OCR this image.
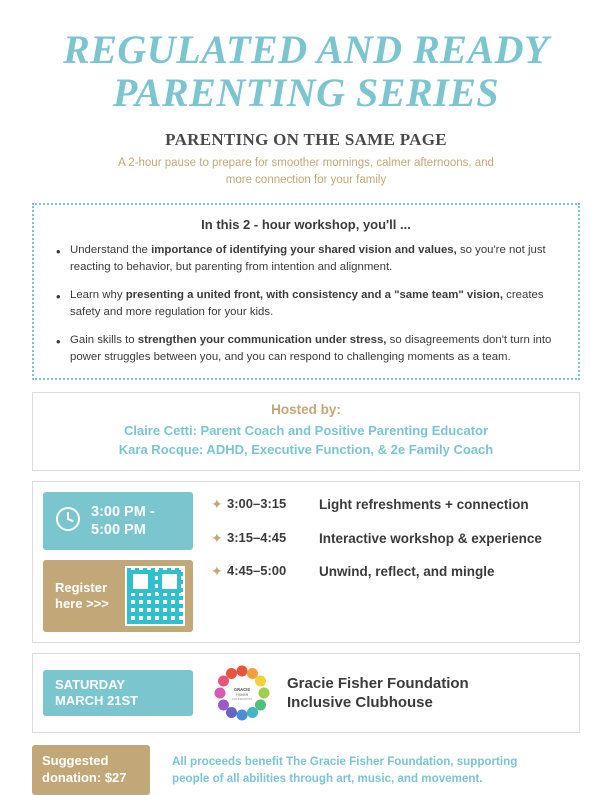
REGULATED AND READY
PARENTING SERIES
PARENTING ON THE SAME PAGE
A 2-hour pause to prepare for smoother mornings, calmer afternoons, and
more connection for your family
In this 2 - hour workshop, you'll ...
• Understand the importance of identifying your shared vision and values, so you're not just reacting to behavior, but parenting from intention and alignment.
• Learn why presenting a united front, with consistency and a "same team" vision, creates safety and more regulation for your kids.
• Gain skills to strengthen your communication under stress, so disagreements don't turn into power struggles between you, and you can respond to challenging moments as a team.
Hosted by:
Claire Cetti: Parent Coach and Positive Parenting Educator
Kara Rocque: ADHD, Executive Function, & 2e Family Coach
3:00 PM -
5:00 PM
Register
here >>>
✦ 3:00–3:15	Light refreshments + connection
✦ 3:15–4:45	Interactive workshop & experience
✦ 4:45–5:00	Unwind, reflect, and mingle
SATURDAY
MARCH 21ST
GRACIE
FISHER
FOUNDATION
Gracie Fisher Foundation
Inclusive Clubhouse
Suggested
donation: $27
All proceeds benefit The Gracie Fisher Foundation, supporting
people of all abilities through art, music, and movement.
